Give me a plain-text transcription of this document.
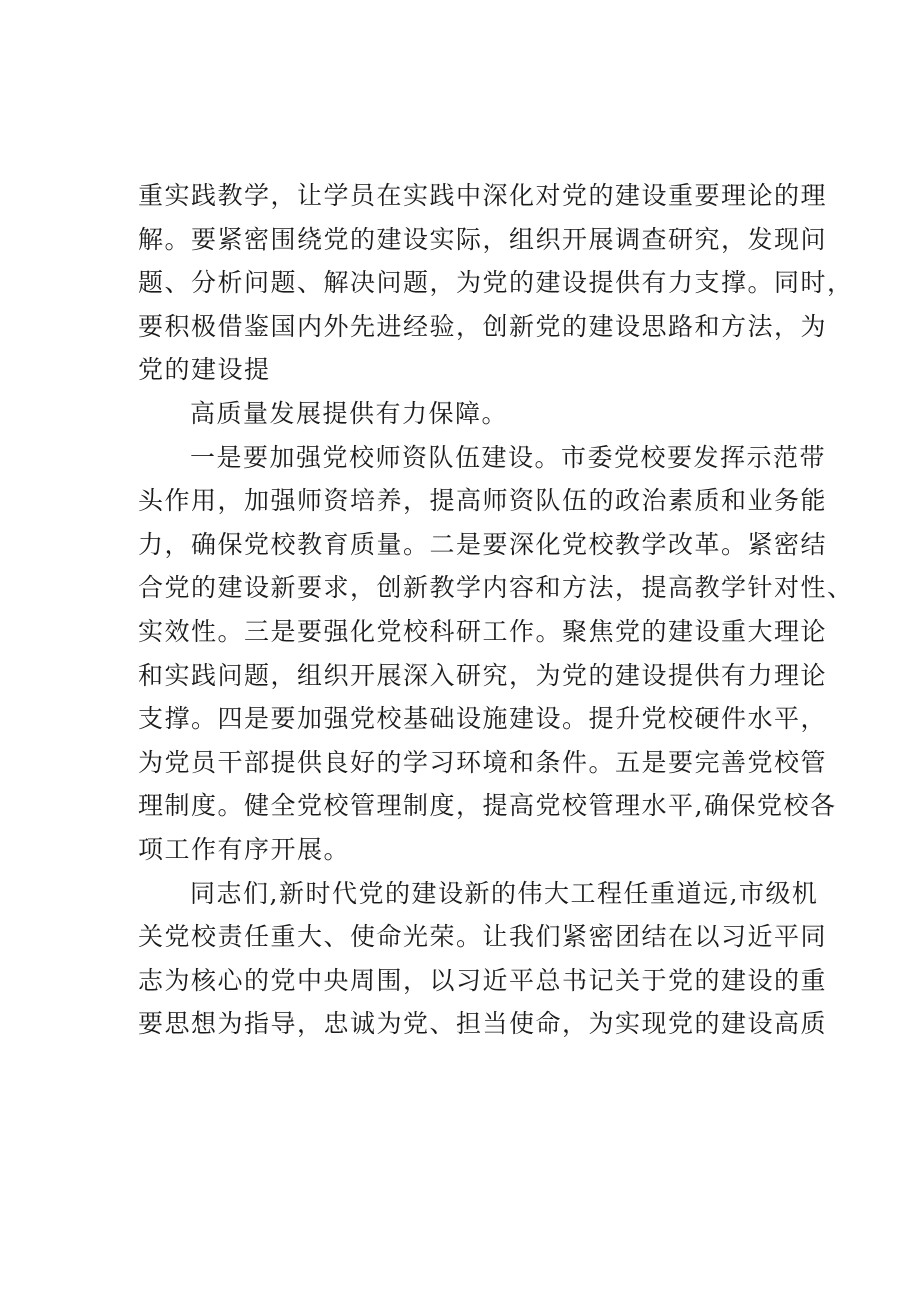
重实践教学，让学员在实践中深化对党的建设重要理论的理
解。要紧密围绕党的建设实际，组织开展调查研究，发现问
题、分析问题、解决问题，为党的建设提供有力支撑。同时，
要积极借鉴国内外先进经验，创新党的建设思路和方法，为
党的建设提
高质量发展提供有力保障。
一是要加强党校师资队伍建设。市委党校要发挥示范带
头作用，加强师资培养，提高师资队伍的政治素质和业务能
力，确保党校教育质量。二是要深化党校教学改革。紧密结
合党的建设新要求，创新教学内容和方法，提高教学针对性、
实效性。三是要强化党校科研工作。聚焦党的建设重大理论
和实践问题，组织开展深入研究，为党的建设提供有力理论
支撑。四是要加强党校基础设施建设。提升党校硬件水平，
为党员干部提供良好的学习环境和条件。五是要完善党校管
理制度。健全党校管理制度，提高党校管理水平,确保党校各
项工作有序开展。
同志们,新时代党的建设新的伟大工程任重道远,市级机
关党校责任重大、使命光荣。让我们紧密团结在以习近平同
志为核心的党中央周围，以习近平总书记关于党的建设的重
要思想为指导，忠诚为党、担当使命，为实现党的建设高质
